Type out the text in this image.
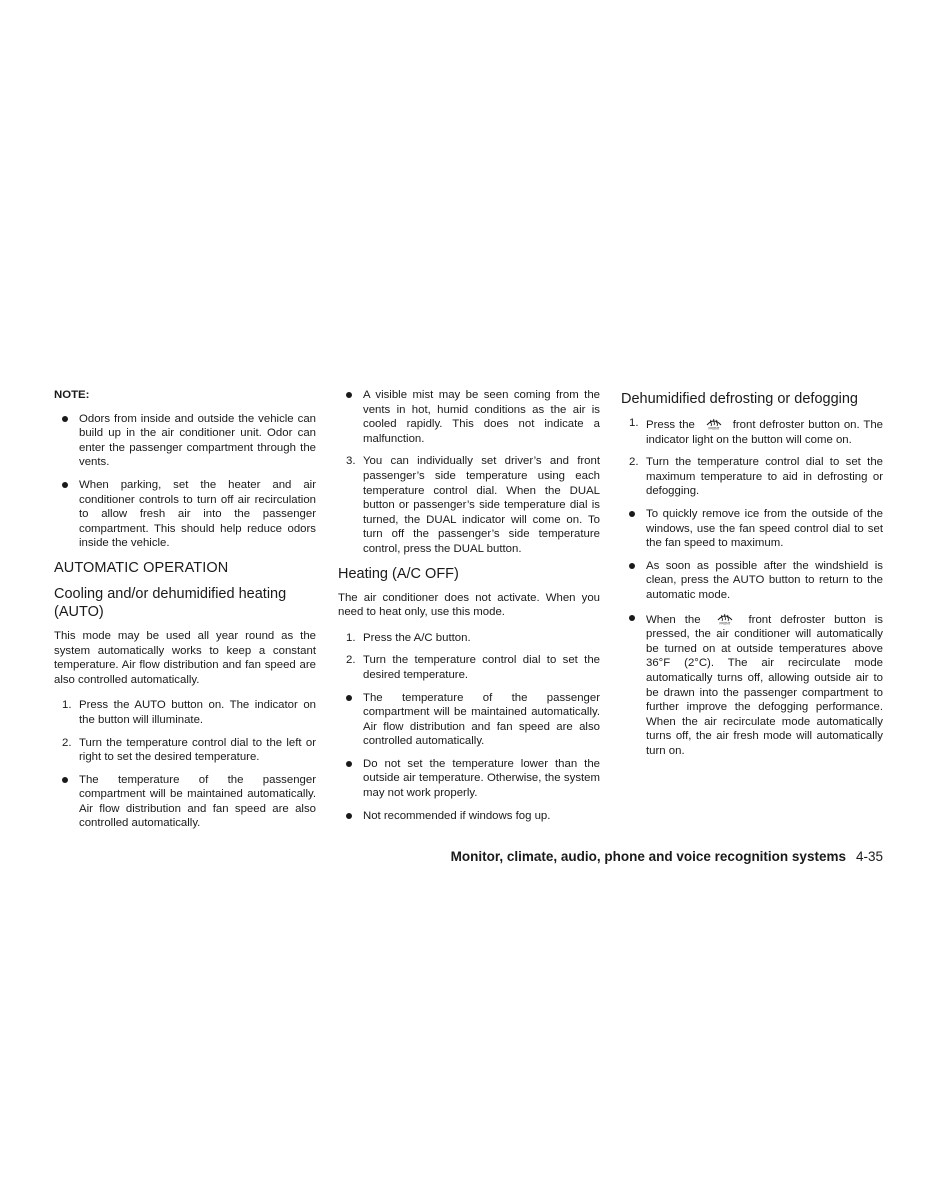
NOTE:

Odors from inside and outside the vehicle can build up in the air conditioner unit. Odor can enter the passenger compartment through the vents.
When parking, set the heater and air conditioner controls to turn off air recirculation to allow fresh air into the passenger compartment. This should help reduce odors inside the vehicle.
AUTOMATIC OPERATION
Cooling and/or dehumidified heating (AUTO)

This mode may be used all year round as the system automatically works to keep a constant temperature. Air flow distribution and fan speed are also controlled automatically.

1. Press the AUTO button on. The indicator on the button will illuminate.
2. Turn the temperature control dial to the left or right to set the desired temperature.
The temperature of the passenger compartment will be maintained automatically. Air flow distribution and fan speed are also controlled automatically.
A visible mist may be seen coming from the vents in hot, humid conditions as the air is cooled rapidly. This does not indicate a malfunction.
3. You can individually set driver’s and front passenger’s side temperature using each temperature control dial. When the DUAL button or passenger’s side temperature dial is turned, the DUAL indicator will come on. To turn off the passenger’s side temperature control, press the DUAL button.
Heating (A/C OFF)

The air conditioner does not activate. When you need to heat only, use this mode.

1. Press the A/C button.
2. Turn the temperature control dial to set the desired temperature.
The temperature of the passenger compartment will be maintained automatically. Air flow distribution and fan speed are also controlled automatically.
Do not set the temperature lower than the outside air temperature. Otherwise, the system may not work properly.
Not recommended if windows fog up.
Dehumidified defrosting or defogging
1. Press the	FRONT front defroster button on. The indicator light on the button will come on.
2. Turn the temperature control dial to set the maximum temperature to aid in defrosting or defogging.
To quickly remove ice from the outside of the windows, use the fan speed control dial to set the fan speed to maximum.
As soon as possible after the windshield is clean, press the AUTO button to return to the automatic mode.
When the	FRONT front defroster button is pressed, the air conditioner will automatically be turned on at outside temperatures above 36°F (2°C). The air recirculate mode automatically turns off, allowing outside air to be drawn into the passenger compartment to further improve the defogging performance. When the air recirculate mode automatically turns off, the air fresh mode will automatically turn on.
Monitor, climate, audio, phone and voice recognition systems 4-35
